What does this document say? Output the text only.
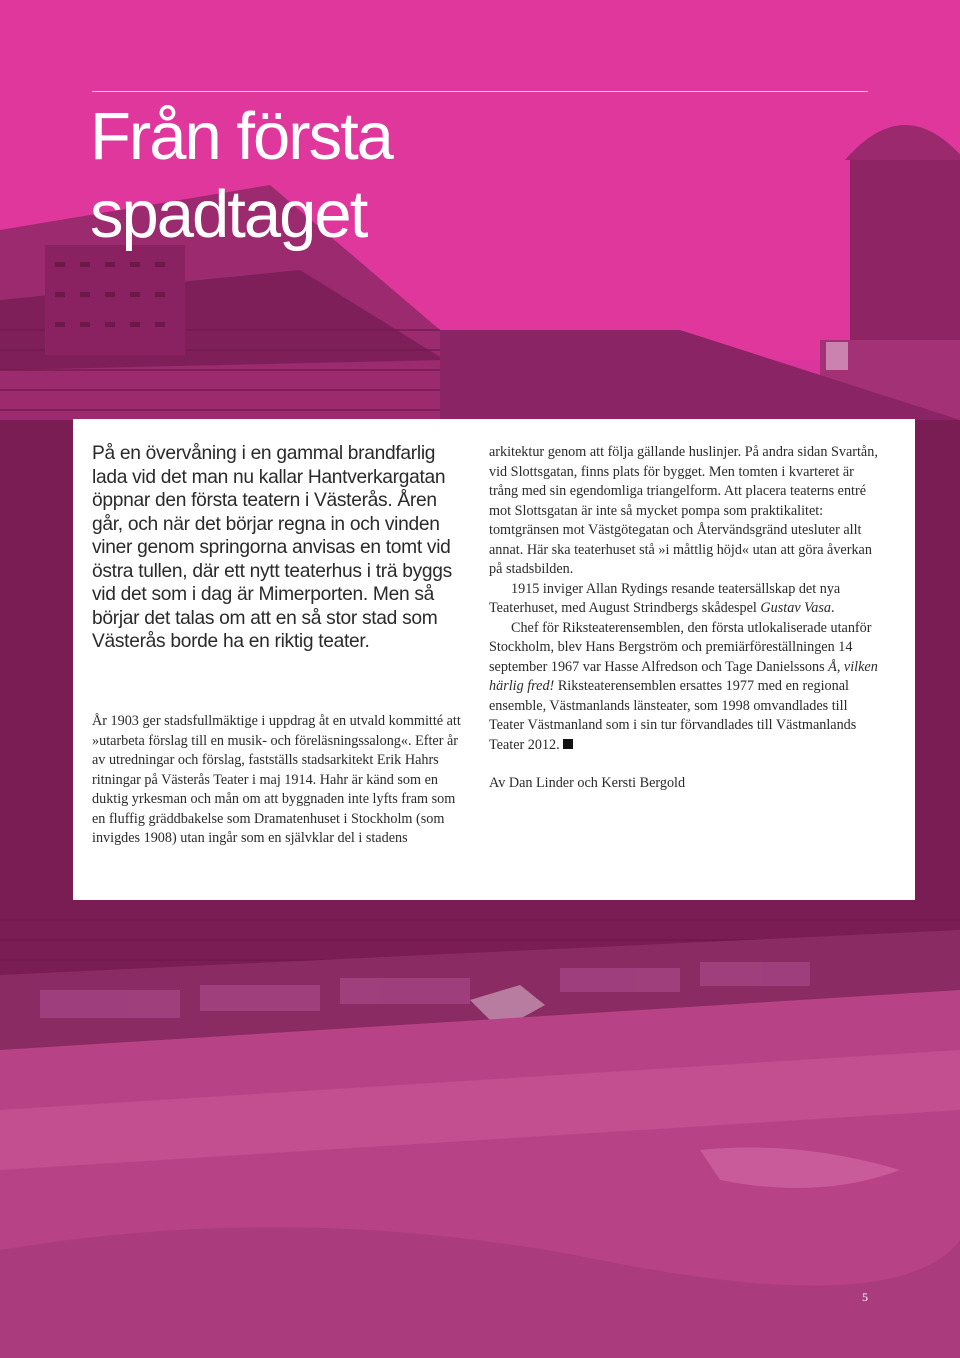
Från första
spadtaget

På en övervåning i en gammal brandfarlig lada vid det man nu kallar Hantverkargatan öppnar den första teatern i Västerås. Åren går, och när det börjar regna in och vinden viner genom springorna anvisas en tomt vid östra tullen, där ett nytt teaterhus i trä byggs vid det som i dag är Mimerporten. Men så börjar det talas om att en så stor stad som Västerås borde ha en riktig teater.

År 1903 ger stadsfullmäktige i uppdrag åt en utvald kommitté att »utarbeta förslag till en musik- och föreläsningssalong«. Efter år av utredningar och förslag, fastställs stadsarkitekt Erik Hahrs ritningar på Västerås Teater i maj 1914. Hahr är känd som en duktig yrkesman och mån om att byggnaden inte lyfts fram som en fluffig gräddbakelse som Dramatenhuset i Stockholm (som invigdes 1908) utan ingår som en självklar del i stadens

arkitektur genom att följa gällande huslinjer. På andra sidan Svartån, vid Slottsgatan, finns plats för bygget. Men tomten i kvarteret är trång med sin egendomliga triangelform. Att placera teaterns entré mot Slottsgatan är inte så mycket pompa som praktikalitet: tomtgränsen mot Västgötegatan och Återvändsgränd utesluter allt annat. Här ska teaterhuset stå »i måttlig höjd« utan att göra åverkan på stadsbilden.

1915 inviger Allan Rydings resande teatersällskap det nya Teaterhuset, med August Strindbergs skådespel Gustav Vasa.

Chef för Riksteaterensemblen, den första utlokaliserade utanför Stockholm, blev Hans Bergström och premiärföreställningen 14 september 1967 var Hasse Alfredson och Tage Danielssons Å, vilken härlig fred! Riksteaterensemblen ersattes 1977 med en regional ensemble, Västmanlands länsteater, som 1998 omvandlades till Teater Västmanland som i sin tur förvandlades till Västmanlands Teater 2012.

Av Dan Linder och Kersti Bergold

5
